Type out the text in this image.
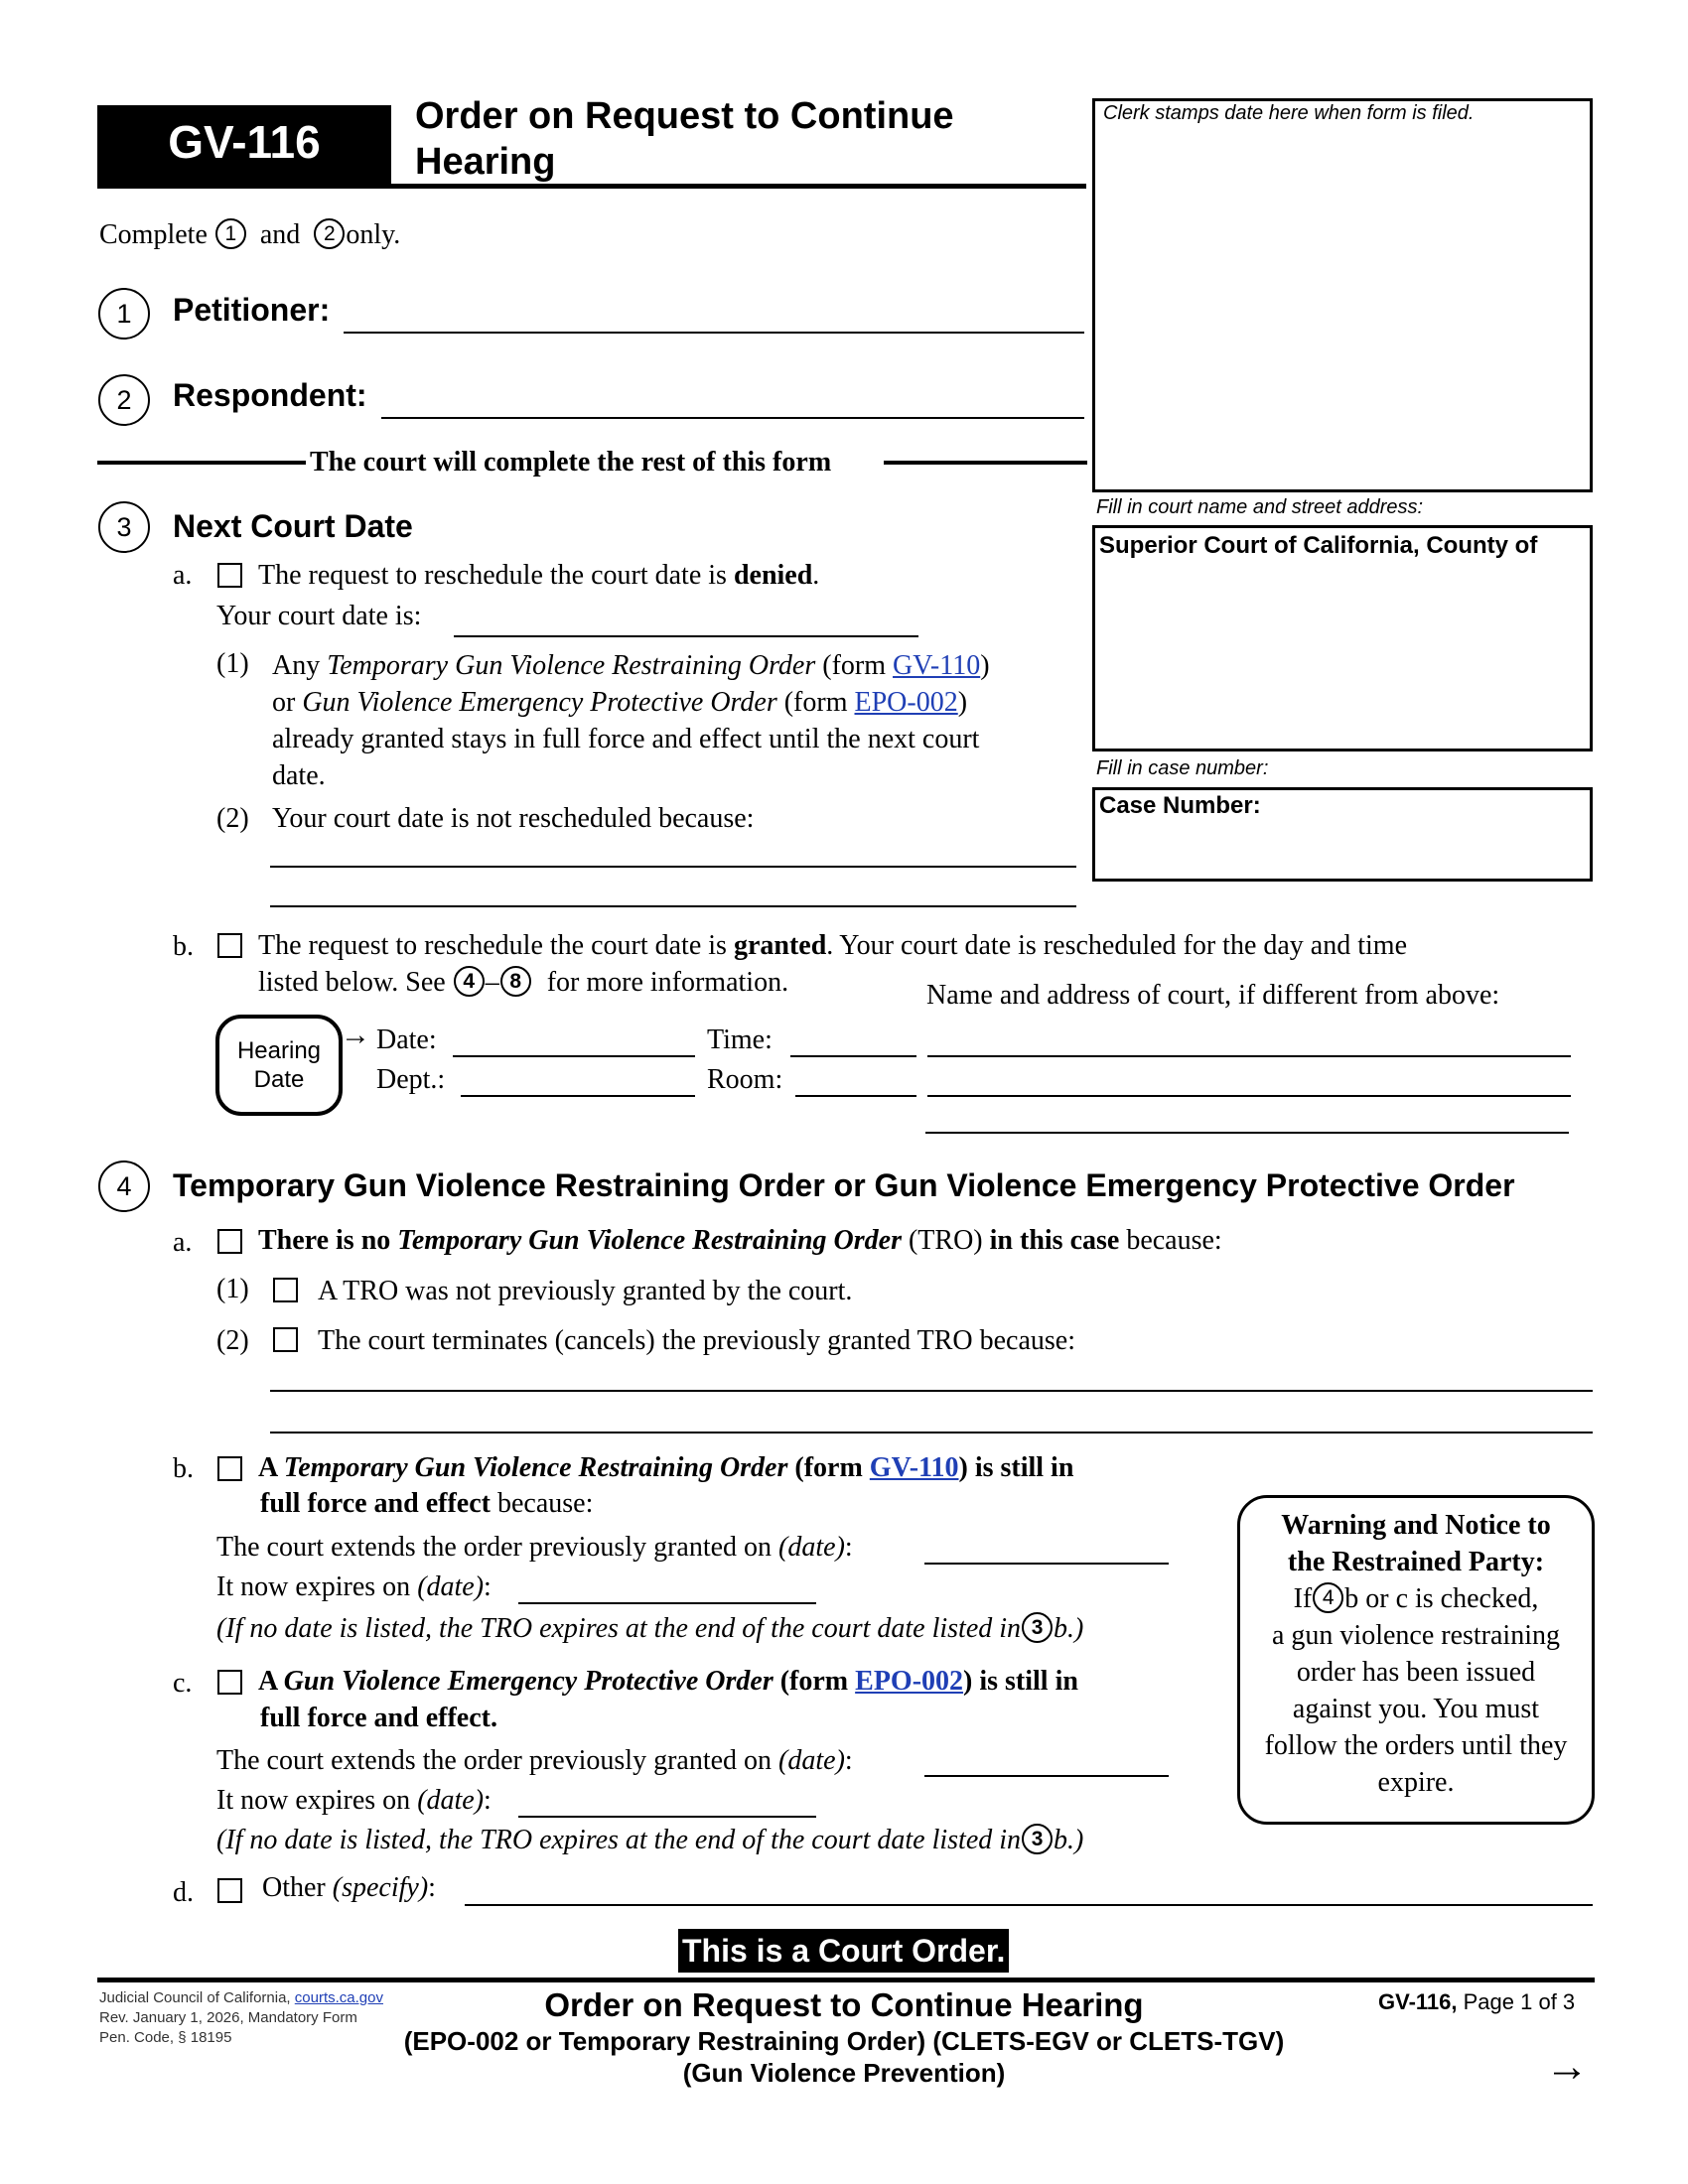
GV-116	Order on Request to Continue
Hearing
Clerk stamps date here when form is filed.
Fill in court name and street address:
Superior Court of California, County of
Fill in case number:
Case Number:
Complete 1 and 2 only.
1	Petitioner:
2	Respondent:
The court will complete the rest of this form
3	Next Court Date
a. The request to reschedule the court date is denied.
Your court date is:
(1) Any Temporary Gun Violence Restraining Order (form GV-110)
or Gun Violence Emergency Protective Order (form EPO-002)
already granted stays in full force and effect until the next court
date.
(2) Your court date is not rescheduled because:
b. The request to reschedule the court date is granted. Your court date is rescheduled for the day and time
listed below. See 4 – 8 for more information.	Name and address of court, if different from above:
Hearing
Date
→ Date:	Time:
Dept.:	Room:
4	Temporary Gun Violence Restraining Order or Gun Violence Emergency Protective Order
a. There is no Temporary Gun Violence Restraining Order (TRO) in this case because:
(1) A TRO was not previously granted by the court.
(2) The court terminates (cancels) the previously granted TRO because:
b. A Temporary Gun Violence Restraining Order (form GV-110) is still in
full force and effect because:
The court extends the order previously granted on (date):
It now expires on (date):
(If no date is listed, the TRO expires at the end of the court date listed in 3 b.)
c. A Gun Violence Emergency Protective Order (form EPO-002) is still in
full force and effect.
The court extends the order previously granted on (date):
It now expires on (date):
(If no date is listed, the TRO expires at the end of the court date listed in 3 b.)
d. Other (specify):
Warning and Notice to
the Restrained Party:
If 4 b or c is checked,
a gun violence restraining
order has been issued
against you. You must
follow the orders until they
expire.
This is a Court Order.
Judicial Council of California, courts.ca.gov
Rev. January 1, 2026, Mandatory Form
Pen. Code, § 18195
Order on Request to Continue Hearing
(EPO-002 or Temporary Restraining Order) (CLETS-EGV or CLETS-TGV)
(Gun Violence Prevention)
GV-116, Page 1 of 3
→
